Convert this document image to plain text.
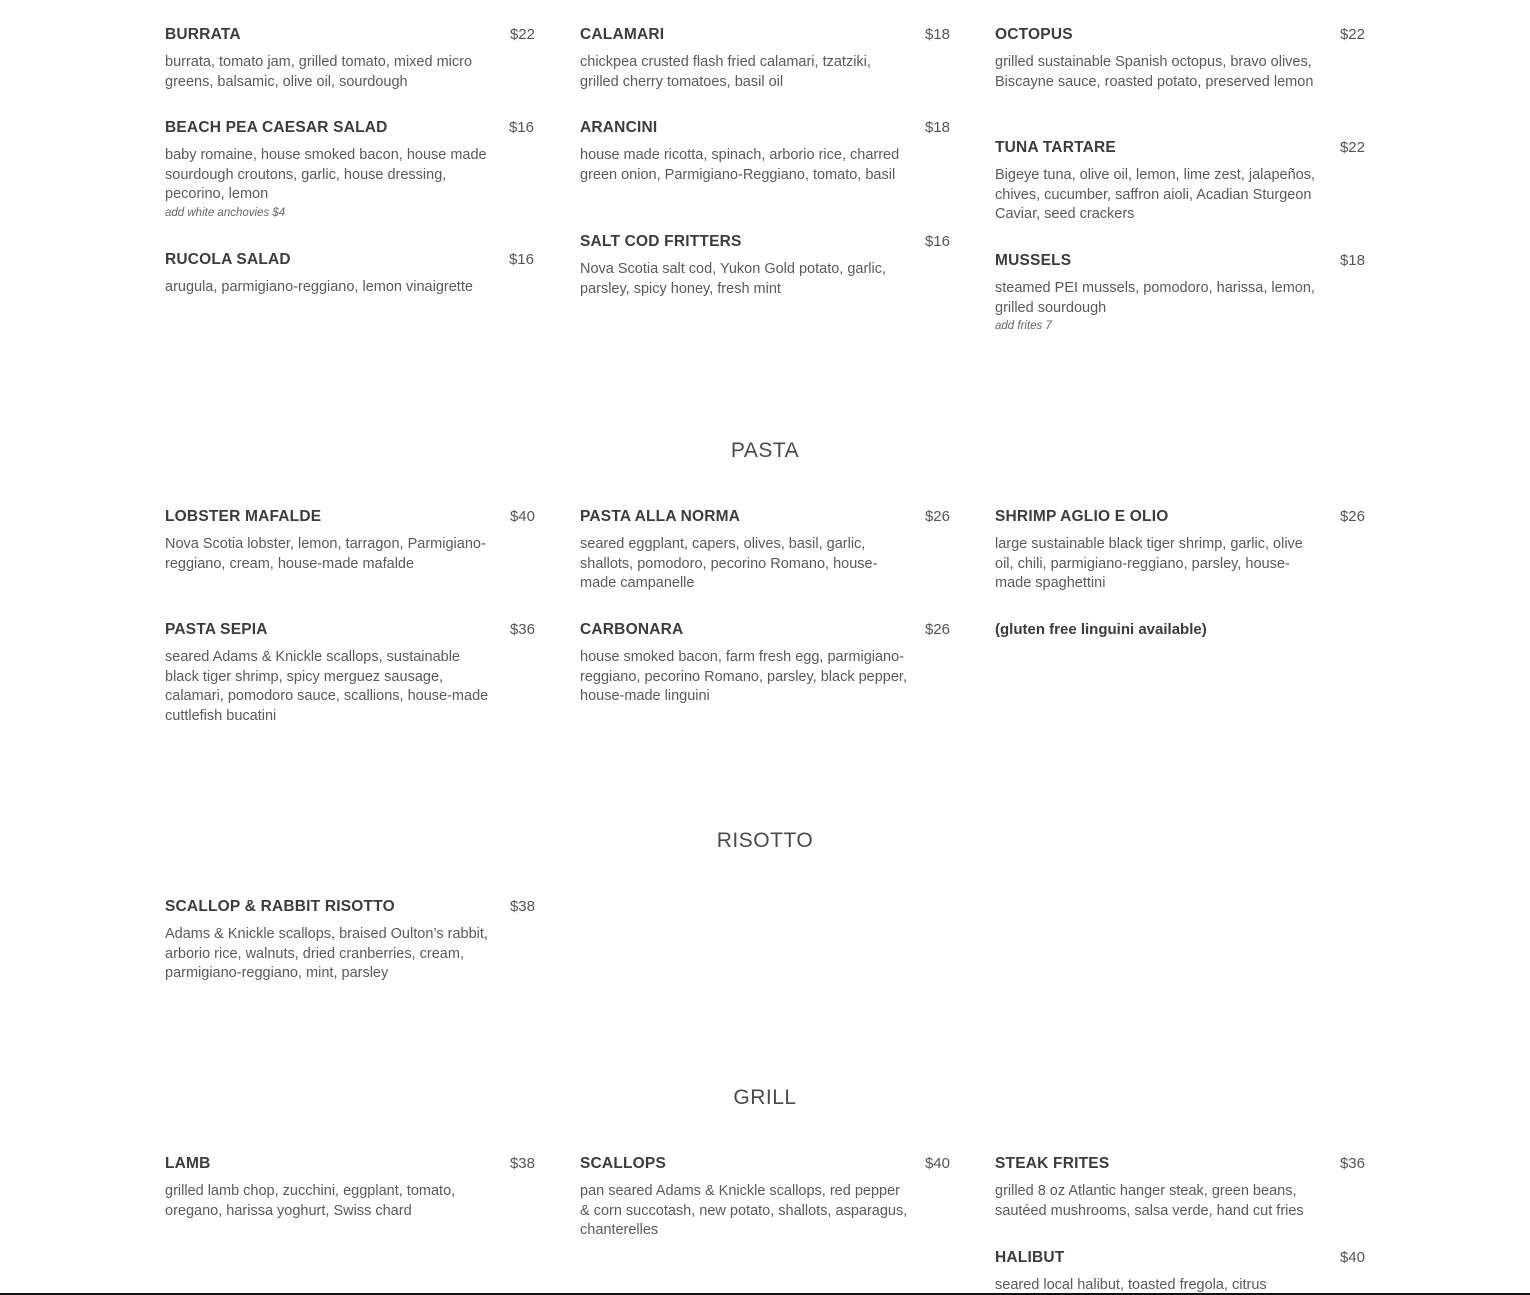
BURRATA	$22

burrata, tomato jam, grilled tomato, mixed micro greens, balsamic, olive oil, sourdough

BEACH PEA CAESAR SALAD	$16

baby romaine, house smoked bacon, house made sourdough croutons, garlic, house dressing, pecorino, lemon

add white anchovies $4

RUCOLA SALAD	$16

arugula, parmigiano-reggiano, lemon vinaigrette

CALAMARI	$18

chickpea crusted flash fried calamari, tzatziki, grilled cherry tomatoes, basil oil

ARANCINI	$18

house made ricotta, spinach, arborio rice, charred green onion, Parmigiano-Reggiano, tomato, basil

SALT COD FRITTERS	$16

Nova Scotia salt cod, Yukon Gold potato, garlic, parsley, spicy honey, fresh mint

OCTOPUS	$22

grilled sustainable Spanish octopus, bravo olives, Biscayne sauce, roasted potato, preserved lemon

TUNA TARTARE	$22

Bigeye tuna, olive oil, lemon, lime zest, jalapeños, chives, cucumber, saffron aioli, Acadian Sturgeon Caviar, seed crackers

MUSSELS	$18

steamed PEI mussels, pomodoro, harissa, lemon, grilled sourdough

add frites 7

PASTA
LOBSTER MAFALDE	$40

Nova Scotia lobster, lemon, tarragon, Parmigiano-reggiano, cream, house-made mafalde

PASTA SEPIA	$36

seared Adams & Knickle scallops, sustainable black tiger shrimp, spicy merguez sausage, calamari, pomodoro sauce, scallions, house-made cuttlefish bucatini

PASTA ALLA NORMA	$26

seared eggplant, capers, olives, basil, garlic, shallots, pomodoro, pecorino Romano, house-made campanelle

CARBONARA	$26

house smoked bacon, farm fresh egg, parmigiano-reggiano, pecorino Romano, parsley, black pepper, house-made linguini

SHRIMP AGLIO E OLIO	$26

large sustainable black tiger shrimp, garlic, olive oil, chili, parmigiano-reggiano, parsley, house-made spaghettini

(gluten free linguini available)
RISOTTO
SCALLOP & RABBIT RISOTTO	$38

Adams & Knickle scallops, braised Oulton’s rabbit, arborio rice, walnuts, dried cranberries, cream, parmigiano-reggiano, mint, parsley

GRILL
LAMB	$38

grilled lamb chop, zucchini, eggplant, tomato, oregano, harissa yoghurt, Swiss chard

SCALLOPS	$40

pan seared Adams & Knickle scallops, red pepper & corn succotash, new potato, shallots, asparagus, chanterelles

STEAK FRITES	$36

grilled 8 oz Atlantic hanger steak, green beans, sautéed mushrooms, salsa verde, hand cut fries

HALIBUT	$40

seared local halibut, toasted fregola, citrus
